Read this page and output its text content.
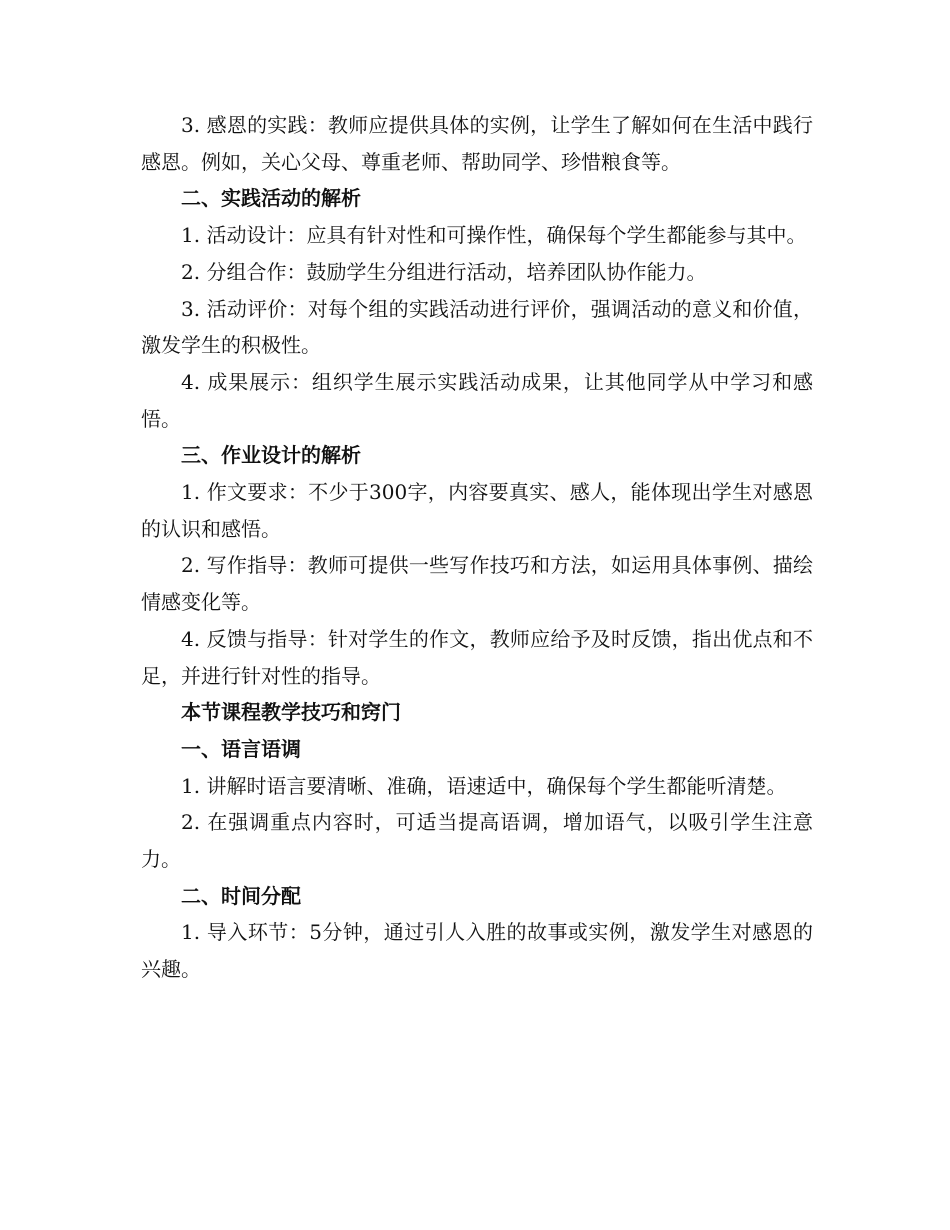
3. 感恩的实践：教师应提供具体的实例，让学生了解如何在生活中践行感恩。例如，关心父母、尊重老师、帮助同学、珍惜粮食等。

二、实践活动的解析

1. 活动设计：应具有针对性和可操作性，确保每个学生都能参与其中。

2. 分组合作：鼓励学生分组进行活动，培养团队协作能力。

3. 活动评价：对每个组的实践活动进行评价，强调活动的意义和价值，激发学生的积极性。

4. 成果展示：组织学生展示实践活动成果，让其他同学从中学习和感悟。

三、作业设计的解析

1. 作文要求：不少于300字，内容要真实、感人，能体现出学生对感恩的认识和感悟。

2. 写作指导：教师可提供一些写作技巧和方法，如运用具体事例、描绘情感变化等。

4. 反馈与指导：针对学生的作文，教师应给予及时反馈，指出优点和不足，并进行针对性的指导。

本节课程教学技巧和窍门

一、语言语调

1. 讲解时语言要清晰、准确，语速适中，确保每个学生都能听清楚。

2. 在强调重点内容时，可适当提高语调，增加语气，以吸引学生注意力。

二、时间分配

1. 导入环节：5分钟，通过引人入胜的故事或实例，激发学生对感恩的兴趣。
